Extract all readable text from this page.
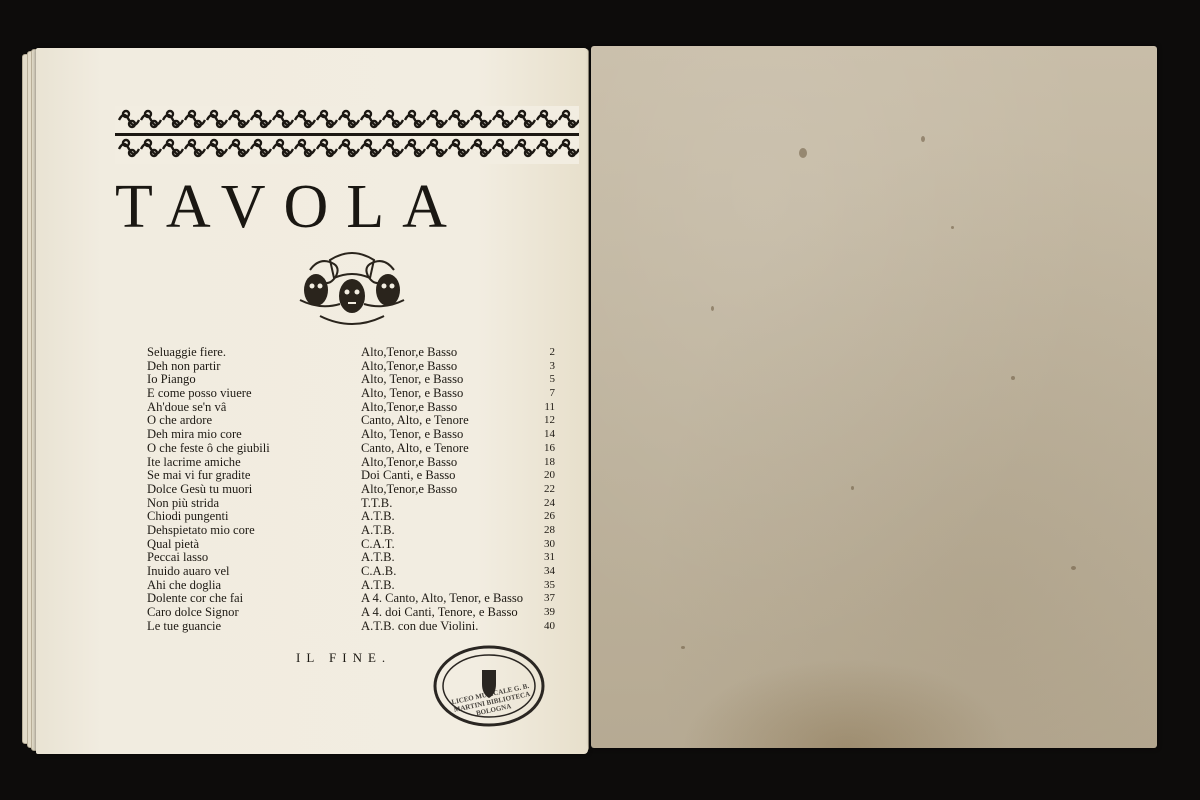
TAVOLA
Seluaggie fiere.	Alto,Tenor,e Basso	2
Deh non partir	Alto,Tenor,e Basso	3
Io Piango	Alto, Tenor, e Basso	5
E come posso viuere	Alto, Tenor, e Basso	7
Ah'doue se'n vâ	Alto,Tenor,e Basso	11
O che ardore	Canto, Alto, e Tenore	12
Deh mira mio core	Alto, Tenor, e Basso	14
O che feste ô che giubili	Canto, Alto, e Tenore	16
Ite lacrime amiche	Alto,Tenor,e Basso	18
Se mai vi fur gradite	Doi Canti, e Basso	20
Dolce Gesù tu muori	Alto,Tenor,e Basso	22
Non più strida	T.T.B.	24
Chiodi pungenti	A.T.B.	26
Dehspietato mio core	A.T.B.	28
Qual pietà	C.A.T.	30
Peccai lasso	A.T.B.	31
Inuido auaro vel	C.A.B.	34
Ahi che doglia	A.T.B.	35
Dolente cor che fai	A 4. Canto, Alto, Tenor, e Basso 37
Caro dolce Signor	A 4. doi Canti, Tenore, e Basso 39
Le tue guancie	A.T.B. con due Violini.	40
IL FINE.
LICEO MUSICALE G. B. MARTINI BIBLIOTECA BOLOGNA
